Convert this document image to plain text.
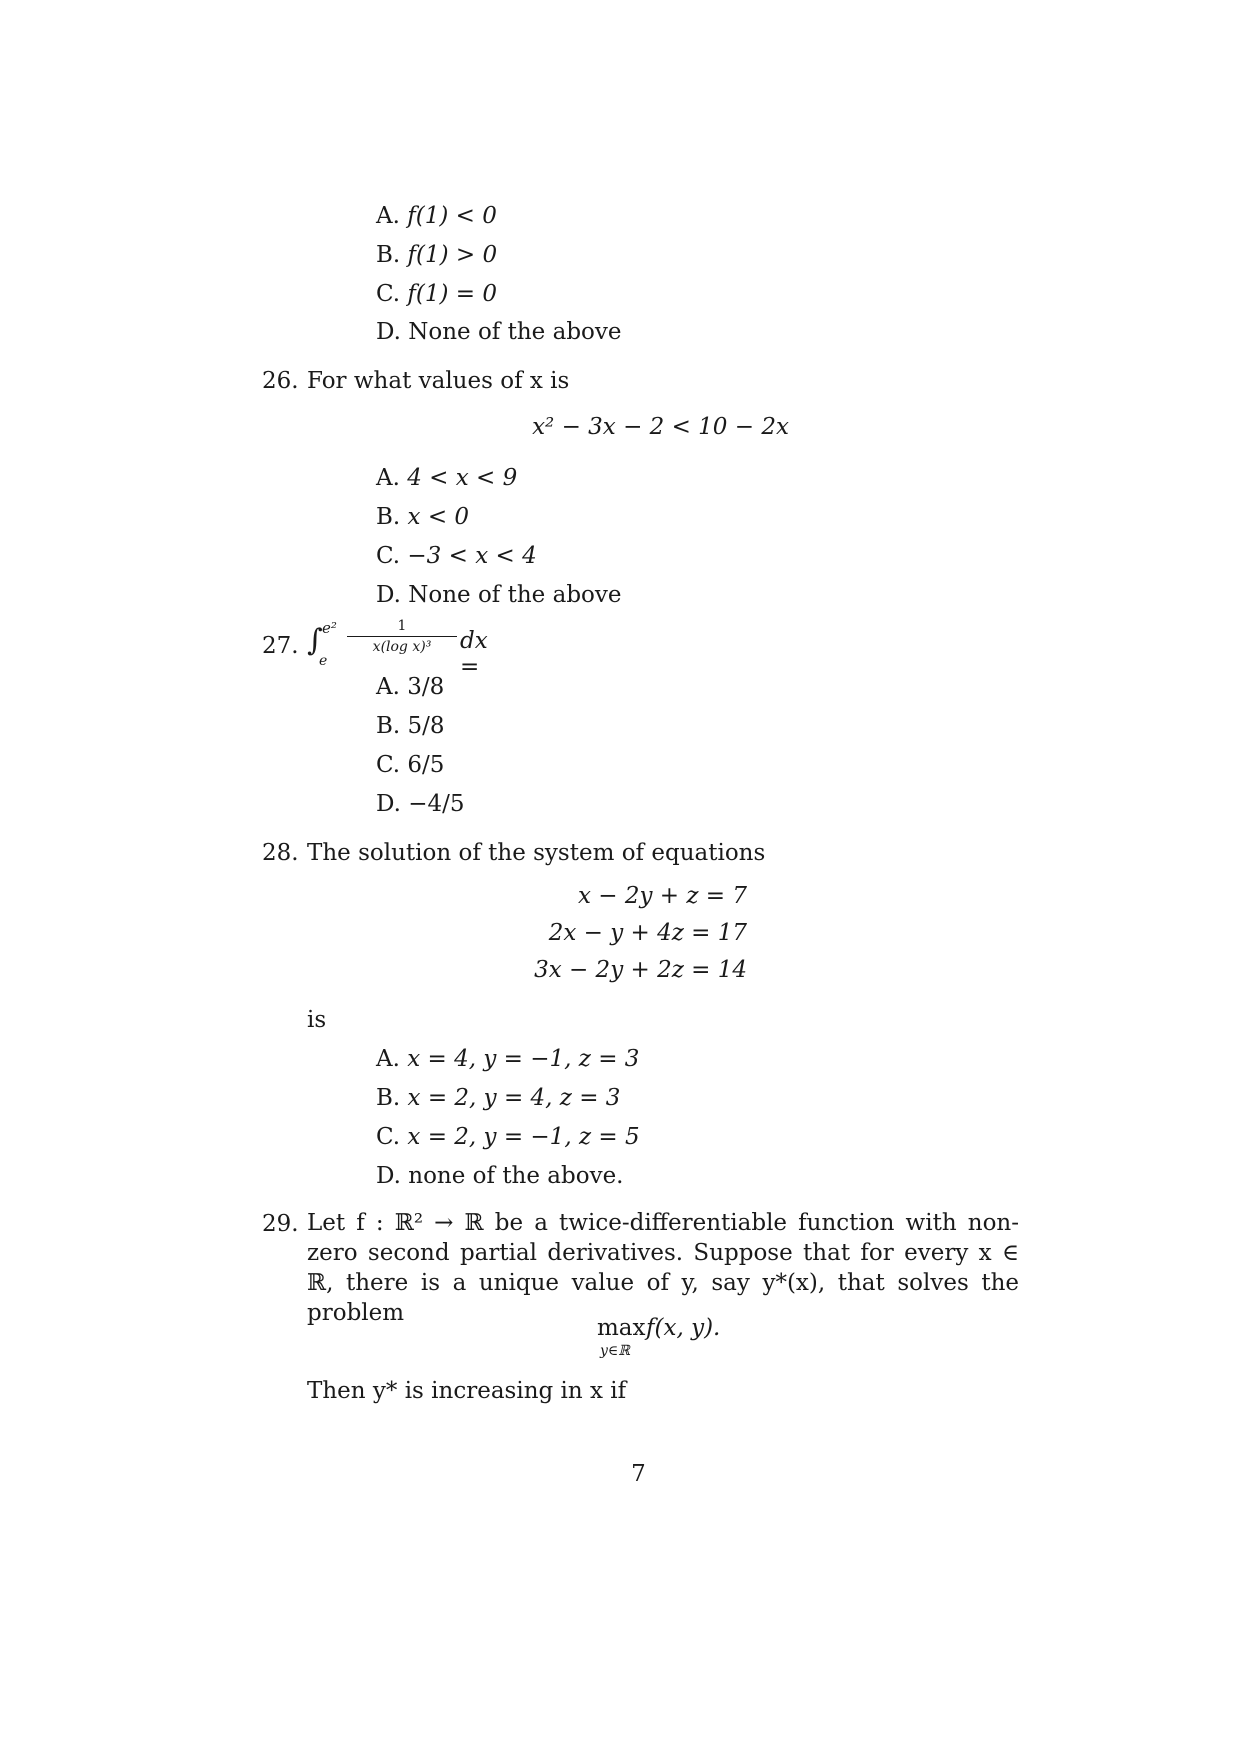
A. f(1) < 0
B. f(1) > 0
C. f(1) = 0
D. None of the above
26. For what values of x is
x² − 3x − 2 < 10 − 2x
A. 4 < x < 9
B. x < 0
C. −3 < x < 4
D. None of the above
27. ∫ e²
e
$\frac{1}{\text{x(log x)³}}$ dx =
A. 3/8
B. 5/8
C. 6/5
D. −4/5
28. The solution of the system of equations
x − 2y + z = 7
2x − y + 4z = 17
3x − 2y + 2z = 14
is
A. x = 4, y = −1, z = 3
B. x = 2, y = 4, z = 3
C. x = 2, y = −1, z = 5
D. none of the above.
29. Let f : ℝ² → ℝ be a twice-differentiable function with non-zero second partial derivatives. Suppose that for every x ∈ ℝ, there is a unique value of y, say y*(x), that solves the problem
max
y∈ℝ
f(x, y).
Then y* is increasing in x if
7
